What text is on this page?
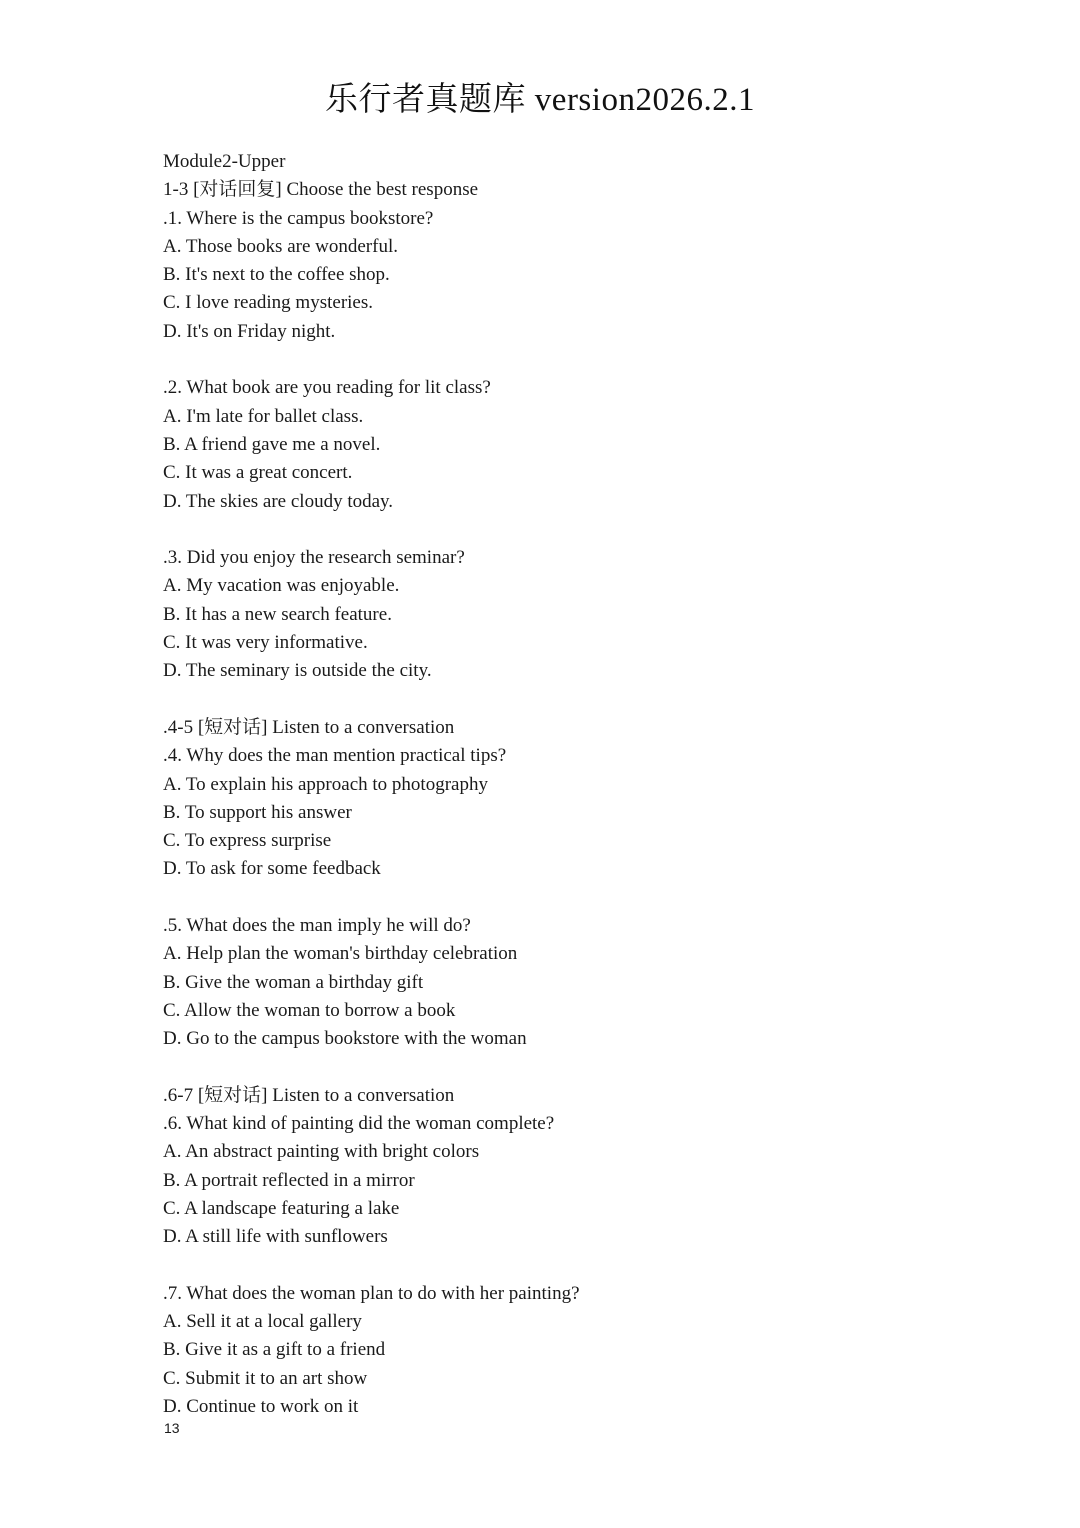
乐行者真题库 version2026.2.1
Module2-Upper
1-3 [对话回复] Choose the best response
.1. Where is the campus bookstore?
A. Those books are wonderful.
B. It's next to the coffee shop.
C. I love reading mysteries.
D. It's on Friday night.
.2. What book are you reading for lit class?
A. I'm late for ballet class.
B. A friend gave me a novel.
C. It was a great concert.
D. The skies are cloudy today.
.3. Did you enjoy the research seminar?
A. My vacation was enjoyable.
B. It has a new search feature.
C. It was very informative.
D. The seminary is outside the city.
.4-5 [短对话] Listen to a conversation
.4. Why does the man mention practical tips?
A. To explain his approach to photography
B. To support his answer
C. To express surprise
D. To ask for some feedback
.5. What does the man imply he will do?
A. Help plan the woman's birthday celebration
B. Give the woman a birthday gift
C. Allow the woman to borrow a book
D. Go to the campus bookstore with the woman
.6-7 [短对话] Listen to a conversation
.6. What kind of painting did the woman complete?
A. An abstract painting with bright colors
B. A portrait reflected in a mirror
C. A landscape featuring a lake
D. A still life with sunflowers
.7. What does the woman plan to do with her painting?
A. Sell it at a local gallery
B. Give it as a gift to a friend
C. Submit it to an art show
D. Continue to work on it
13
